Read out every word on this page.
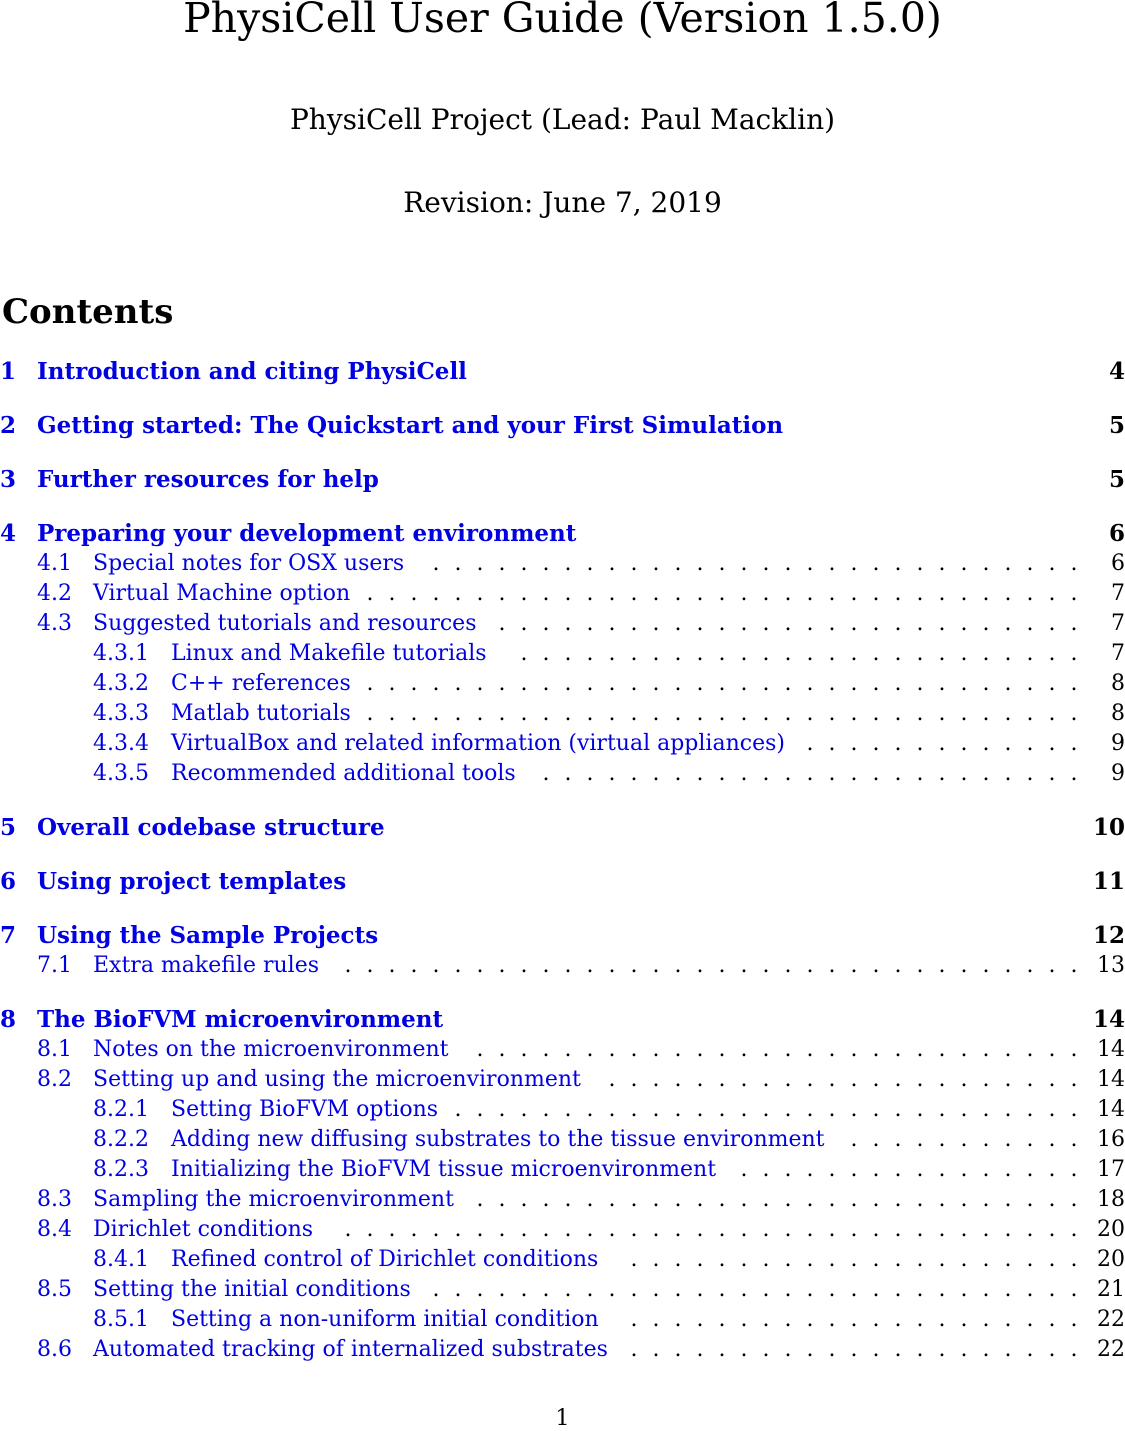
PhysiCell User Guide (Version 1.5.0)
PhysiCell Project (Lead: Paul Macklin)
Revision: June 7, 2019
Contents
1 Introduction and citing PhysiCell	4
2 Getting started: The Quickstart and your First Simulation	5
3 Further resources for help	5
4 Preparing your development environment	6
4.1 Special notes for OSX users	. . . . . . . . . . . . . . . . . . . . . . . . . . . . . .	6
4.2 Virtual Machine option . . . . . . . . . . . . . . . . . . . . . . . . . . . . . . . . .	7
4.3 Suggested tutorials and resources	. . . . . . . . . . . . . . . . . . . . . . . . . . .	7
4.3.1 Linux and Makefile tutorials	. . . . . . . . . . . . . . . . . . . . . . . . . .	7
4.3.2 C++ references . . . . . . . . . . . . . . . . . . . . . . . . . . . . . . . . .	8
4.3.3 Matlab tutorials . . . . . . . . . . . . . . . . . . . . . . . . . . . . . . . . .	8
4.3.4 VirtualBox and related information (virtual appliances) . . . . . . . . . . . . .	9
4.3.5 Recommended additional tools	. . . . . . . . . . . . . . . . . . . . . . . . .	9
5 Overall codebase structure	10
6 Using project templates	11
7 Using the Sample Projects	12
7.1 Extra makefile rules	. . . . . . . . . . . . . . . . . . . . . . . . . . . . . . . . . . 13
8 The BioFVM microenvironment	14
8.1 Notes on the microenvironment	. . . . . . . . . . . . . . . . . . . . . . . . . . . . 14
8.2 Setting up and using the microenvironment	. . . . . . . . . . . . . . . . . . . . . . 14
8.2.1 Setting BioFVM options . . . . . . . . . . . . . . . . . . . . . . . . . . . . . 14
8.2.2 Adding new diffusing substrates to the tissue environment	. . . . . . . . . . . 16
8.2.3 Initializing the BioFVM tissue microenvironment	. . . . . . . . . . . . . . . . 17
8.3 Sampling the microenvironment	. . . . . . . . . . . . . . . . . . . . . . . . . . . . 18
8.4 Dirichlet conditions	. . . . . . . . . . . . . . . . . . . . . . . . . . . . . . . . . . 20
8.4.1 Refined control of Dirichlet conditions	. . . . . . . . . . . . . . . . . . . . . 20
8.5 Setting the initial conditions . . . . . . . . . . . . . . . . . . . . . . . . . . . . . . 21
8.5.1 Setting a non-uniform initial condition	. . . . . . . . . . . . . . . . . . . . . 22
8.6 Automated tracking of internalized substrates	. . . . . . . . . . . . . . . . . . . . . 22
1
